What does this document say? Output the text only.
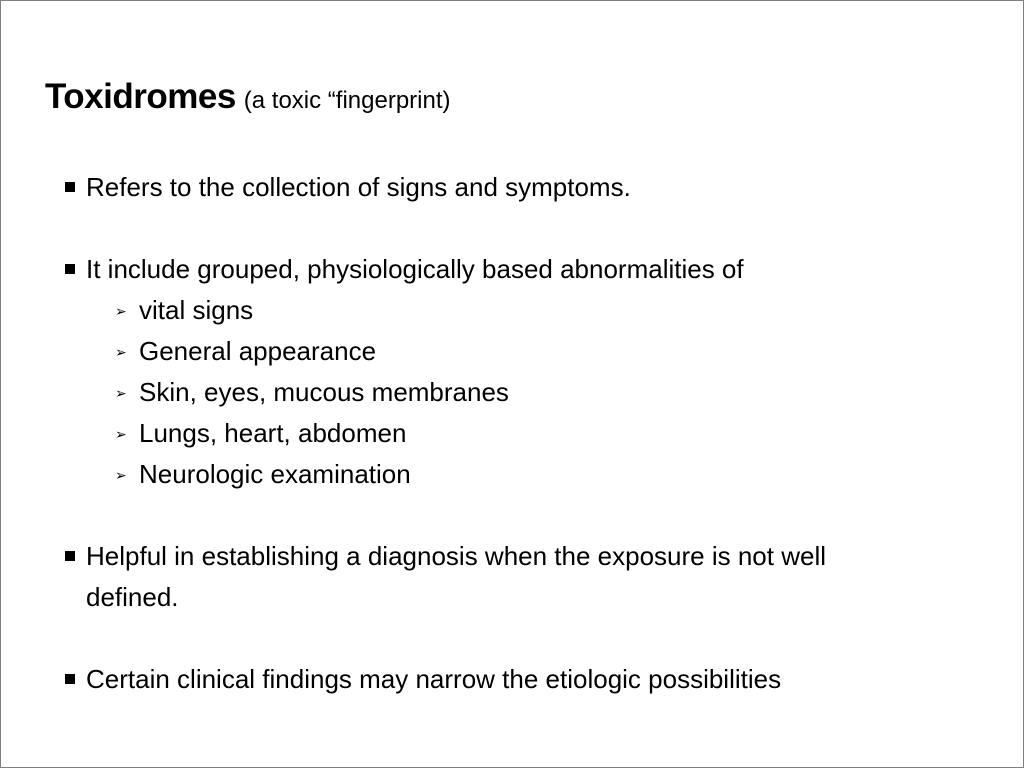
Toxidromes (a toxic “fingerprint)
Refers to the collection of signs and symptoms.
It include grouped, physiologically based abnormalities of
➢ vital signs
➢ General appearance
➢ Skin, eyes, mucous membranes
➢ Lungs, heart, abdomen
➢ Neurologic examination
Helpful in establishing a diagnosis when the exposure is not well defined.
Certain clinical findings may narrow the etiologic possibilities
